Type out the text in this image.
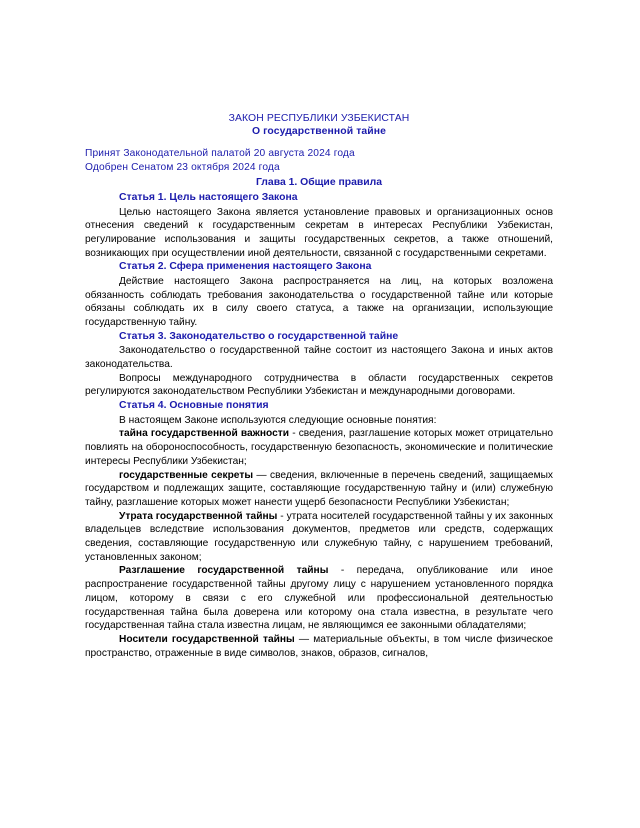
ЗАКОН РЕСПУБЛИКИ УЗБЕКИСТАН
О государственной тайне
Принят Законодательной палатой 20 августа 2024 года
Одобрен Сенатом 23 октября 2024 года
Глава 1. Общие правила
Статья 1. Цель настоящего Закона

Целью настоящего Закона является установление правовых и организационных основ отнесения сведений к государственным секретам в интересах Республики Узбекистан, регулирование использования и защиты государственных секретов, а также отношений, возникающих при осуществлении иной деятельности, связанной с государственными секретами.

Статья 2. Сфера применения настоящего Закона

Действие настоящего Закона распространяется на лиц, на которых возложена обязанность соблюдать требования законодательства о государственной тайне или которые обязаны соблюдать их в силу своего статуса, а также на организации, использующие государственную тайну.

Статья 3. Законодательство о государственной тайне

Законодательство о государственной тайне состоит из настоящего Закона и иных актов законодательства.

Вопросы международного сотрудничества в области государственных секретов регулируются законодательством Республики Узбекистан и международными договорами.

Статья 4. Основные понятия

В настоящем Законе используются следующие основные понятия:

тайна государственной важности - сведения, разглашение которых может отрицательно повлиять на обороноспособность, государственную безопасность, экономические и политические интересы Республики Узбекистан;

государственные секреты — сведения, включенные в перечень сведений, защищаемых государством и подлежащих защите, составляющие государственную тайну и (или) служебную тайну, разглашение которых может нанести ущерб безопасности Республики Узбекистан;

Утрата государственной тайны - утрата носителей государственной тайны у их законных владельцев вследствие использования документов, предметов или средств, содержащих сведения, составляющие государственную или служебную тайну, с нарушением требований, установленных законом;

Разглашение государственной тайны - передача, опубликование или иное распространение государственной тайны другому лицу с нарушением установленного порядка лицом, которому в связи с его служебной или профессиональной деятельностью государственная тайна была доверена или которому она стала известна, в результате чего государственная тайна стала известна лицам, не являющимся ее законными обладателями;

Носители государственной тайны — материальные объекты, в том числе физическое пространство, отраженные в виде символов, знаков, образов, сигналов,
